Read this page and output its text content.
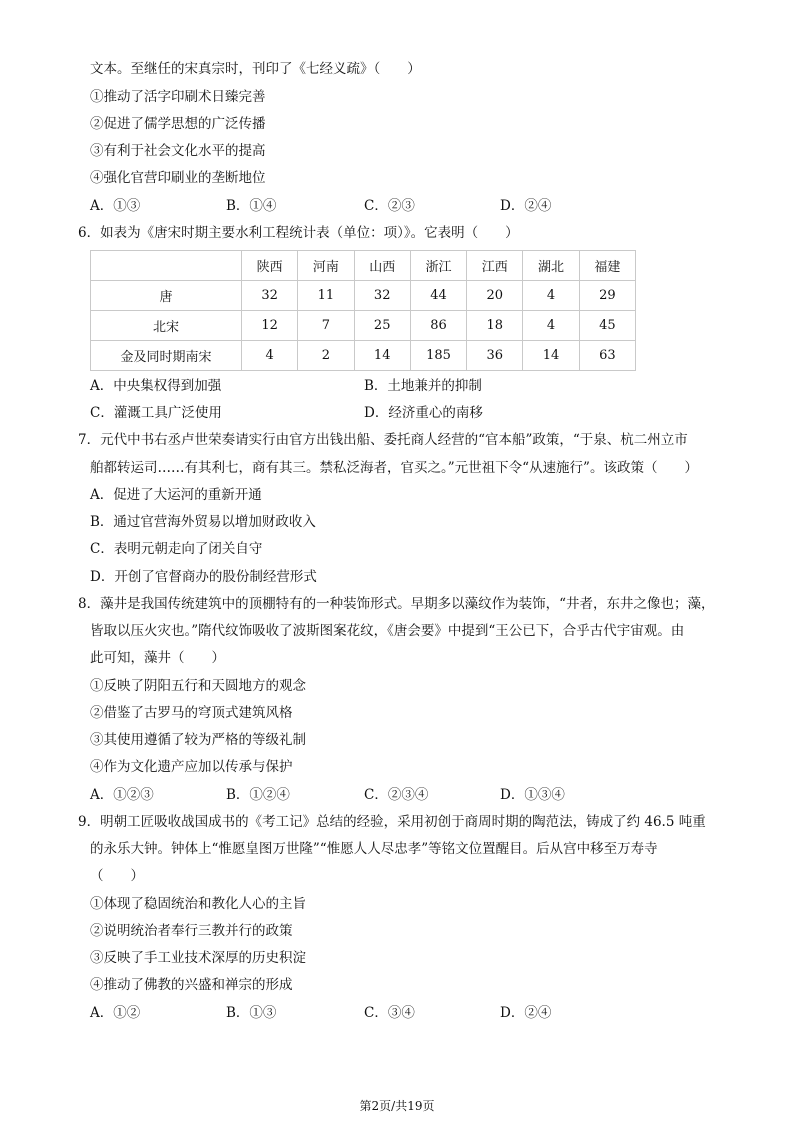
文本。至继任的宋真宗时，刊印了《七经义疏》（　　）
①推动了活字印刷术日臻完善
②促进了儒学思想的广泛传播
③有利于社会文化水平的提高
④强化官营印刷业的垄断地位
A．①③	B．①④	C．②③	D．②④
6．如表为《唐宋时期主要水利工程统计表（单位：项）》。它表明（　　）
	陕西	河南	山西	浙江	江西	湖北	福建
唐	32	11	32	44	20	4	29
北宋	12	7	25	86	18	4	45
金及同时期南宋	4	2	14	185	36	14	63
A．中央集权得到加强	B．土地兼并的抑制
C．灌溉工具广泛使用	D．经济重心的南移
7．元代中书右丞卢世荣奏请实行由官方出钱出船、委托商人经营的“官本船”政策，“于泉、杭二州立市
舶都转运司……有其利七，商有其三。禁私泛海者，官买之。”元世祖下令“从速施行”。该政策（　　）
A．促进了大运河的重新开通
B．通过官营海外贸易以增加财政收入
C．表明元朝走向了闭关自守
D．开创了官督商办的股份制经营形式
8．藻井是我国传统建筑中的顶棚特有的一种装饰形式。早期多以藻纹作为装饰，“井者，东井之像也；藻，
皆取以压火灾也。”隋代纹饰吸收了波斯图案花纹，《唐会要》中提到“王公已下，合乎古代宇宙观。由
此可知，藻井（　　）
①反映了阴阳五行和天圆地方的观念
②借鉴了古罗马的穹顶式建筑风格
③其使用遵循了较为严格的等级礼制
④作为文化遗产应加以传承与保护
A．①②③	B．①②④	C．②③④	D．①③④
9．明朝工匠吸收战国成书的《考工记》总结的经验，采用初创于商周时期的陶范法，铸成了约 46.5 吨重
的永乐大钟。钟体上“惟愿皇图万世隆”“惟愿人人尽忠孝”等铭文位置醒目。后从宫中移至万寿寺
（　　）
①体现了稳固统治和教化人心的主旨
②说明统治者奉行三教并行的政策
③反映了手工业技术深厚的历史积淀
④推动了佛教的兴盛和禅宗的形成
A．①②	B．①③	C．③④	D．②④
第2页/共19页
